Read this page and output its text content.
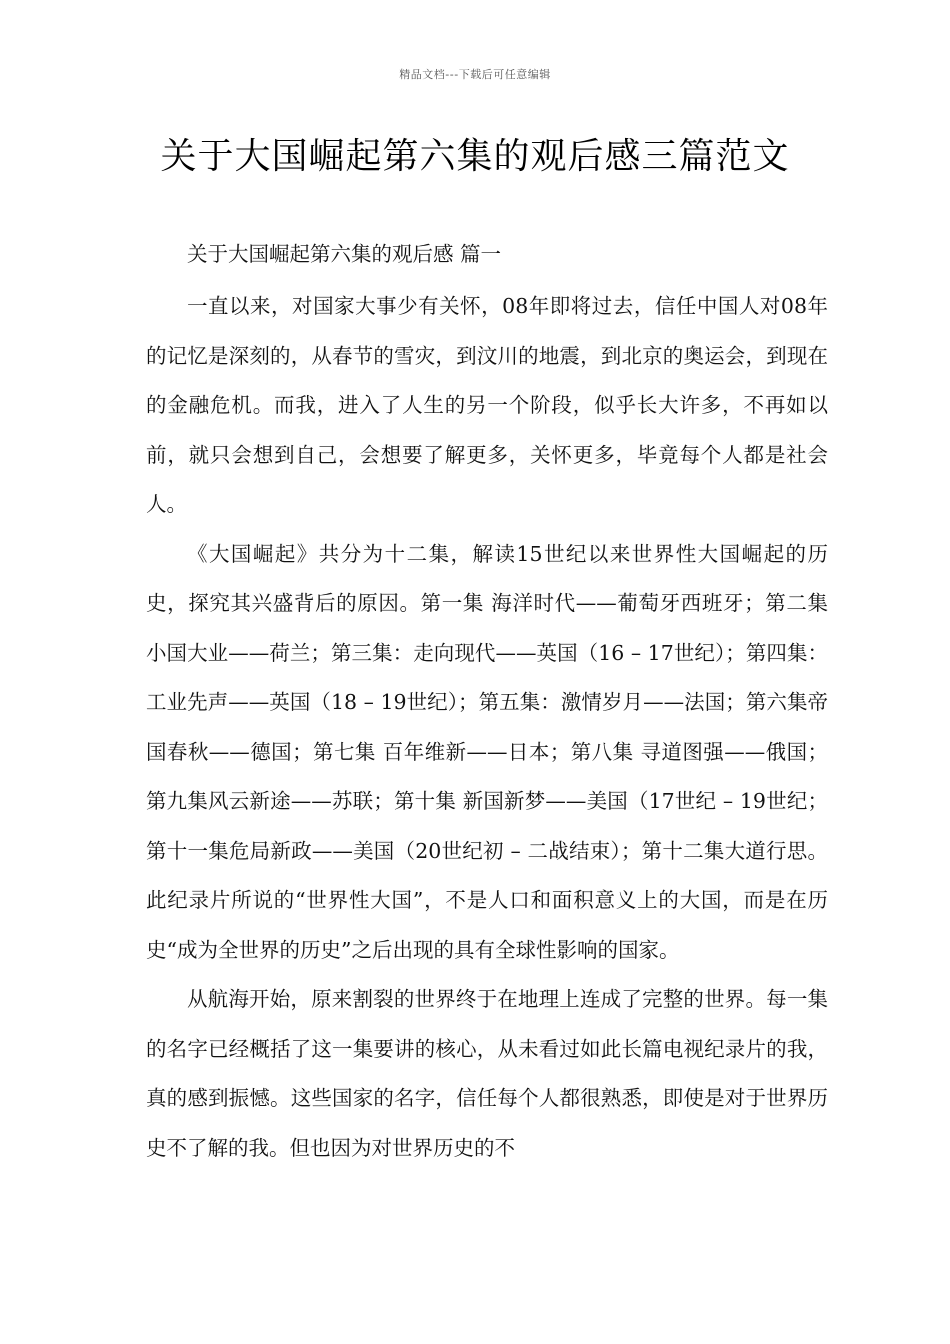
精品文档---下载后可任意编辑
关于大国崛起第六集的观后感三篇范文

关于大国崛起第六集的观后感 篇一

一直以来，对国家大事少有关怀，08年即将过去，信任中国人对08年的记忆是深刻的，从春节的雪灾，到汶川的地震，到北京的奥运会，到现在的金融危机。而我，进入了人生的另一个阶段，似乎长大许多，不再如以前，就只会想到自己，会想要了解更多，关怀更多，毕竟每个人都是社会人。

《大国崛起》共分为十二集，解读15世纪以来世界性大国崛起的历史，探究其兴盛背后的原因。第一集 海洋时代——葡萄牙西班牙；第二集小国大业——荷兰；第三集：走向现代——英国（16 – 17世纪）；第四集：工业先声——英国（18 – 19世纪）；第五集：激情岁月——法国；第六集帝国春秋——德国；第七集 百年维新——日本；第八集 寻道图强——俄国；第九集风云新途——苏联；第十集 新国新梦——美国（17世纪 – 19世纪；第十一集危局新政——美国（20世纪初 – 二战结束）；第十二集大道行思。此纪录片所说的“世界性大国”，不是人口和面积意义上的大国，而是在历史“成为全世界的历史”之后出现的具有全球性影响的国家。

从航海开始，原来割裂的世界终于在地理上连成了完整的世界。每一集的名字已经概括了这一集要讲的核心，从未看过如此长篇电视纪录片的我，真的感到振憾。这些国家的名字，信任每个人都很熟悉，即使是对于世界历史不了解的我。但也因为对世界历史的不
